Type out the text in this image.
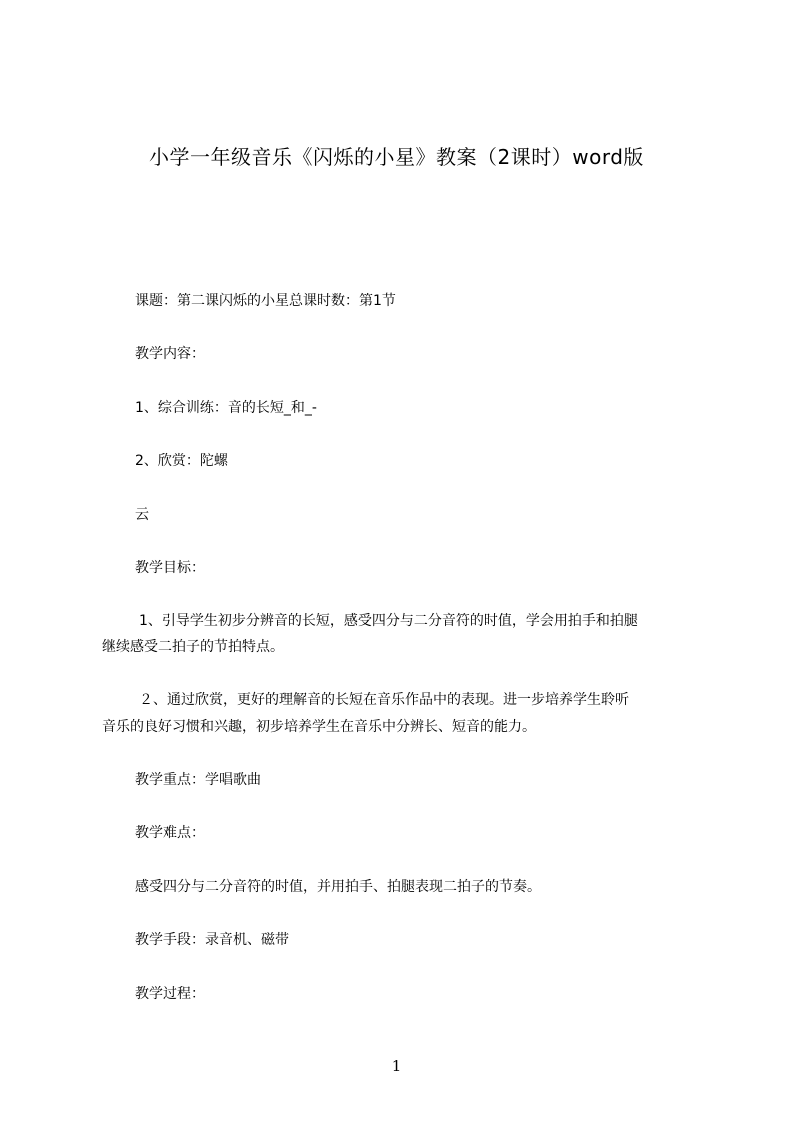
小学一年级音乐《闪烁的小星》教案（2课时）word版
课题：第二课闪烁的小星总课时数：第1节
教学内容：
1、综合训练：音的长短_和_-
2、欣赏：陀螺
云
教学目标：
1、引导学生初步分辨音的长短，感受四分与二分音符的时值，学会用拍手和拍腿
继续感受二拍子的节拍特点。
２、通过欣赏，更好的理解音的长短在音乐作品中的表现。进一步培养学生聆听
音乐的良好习惯和兴趣，初步培养学生在音乐中分辨长、短音的能力。
教学重点：学唱歌曲
教学难点：
感受四分与二分音符的时值，并用拍手、拍腿表现二拍子的节奏。
教学手段：录音机、磁带
教学过程：
1
